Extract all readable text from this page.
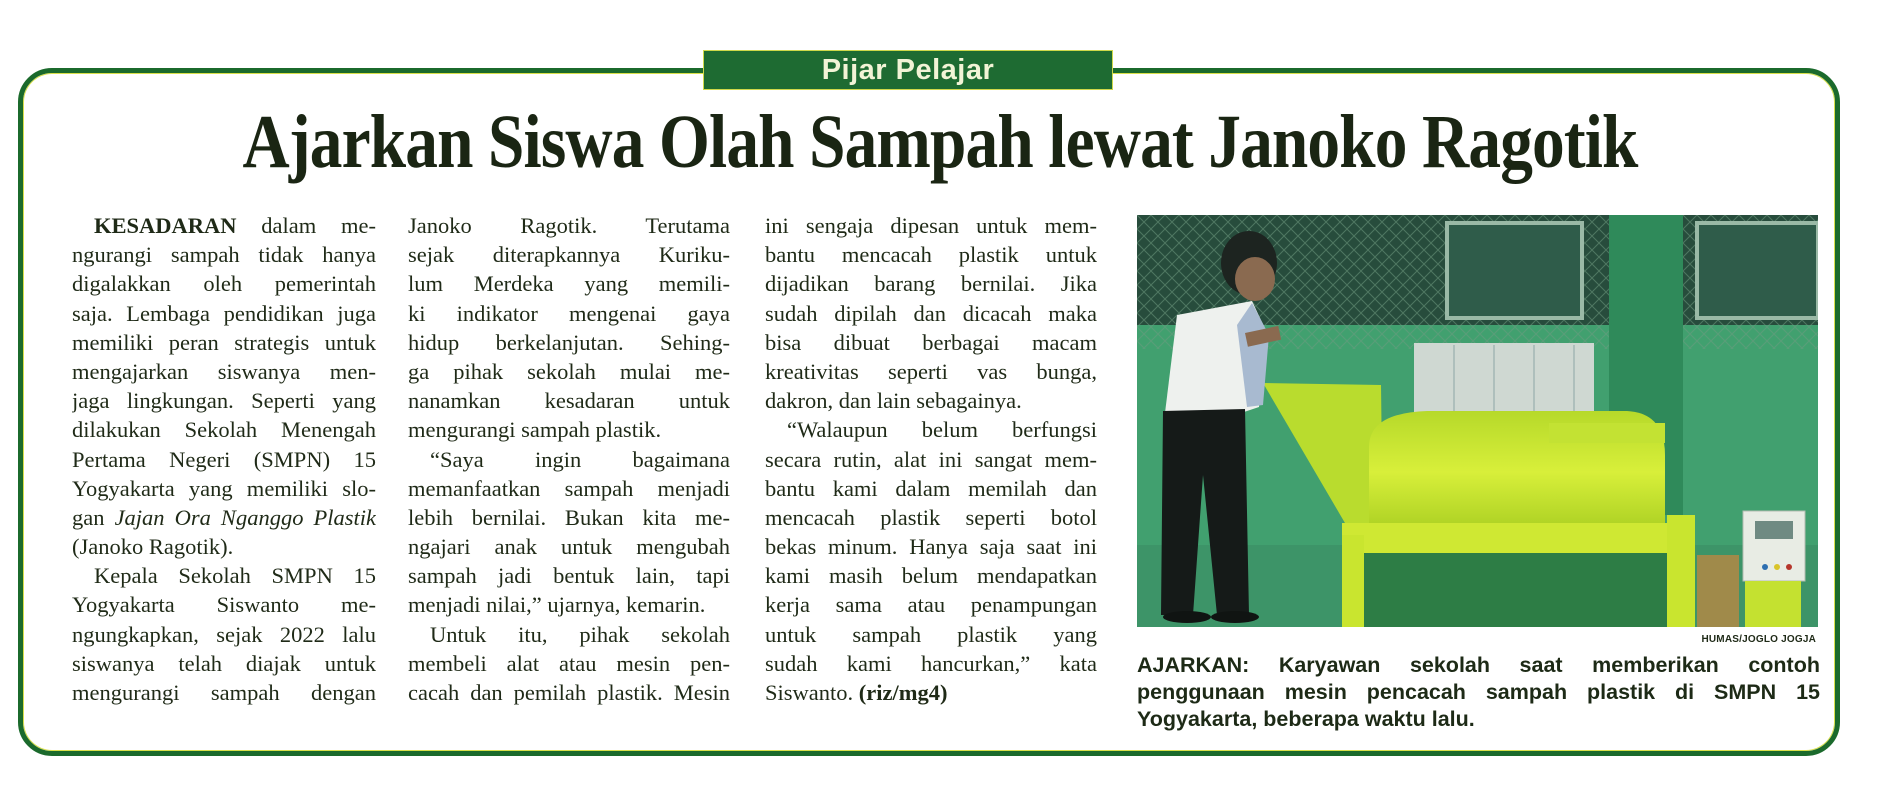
Pijar Pelajar
Ajarkan Siswa Olah Sampah lewat Janoko Ragotik
KESADARAN dalam me-
ngurangi sampah tidak hanya
digalakkan oleh pemerintah
saja. Lembaga pendidikan juga
memiliki peran strategis untuk
mengajarkan siswanya men-
jaga lingkungan. Seperti yang
dilakukan Sekolah Menengah
Pertama Negeri (SMPN) 15
Yogyakarta yang memiliki slo-
gan Jajan Ora Nganggo Plastik
(Janoko Ragotik).
Kepala Sekolah SMPN 15
Yogyakarta Siswanto me-
ngungkapkan, sejak 2022 lalu
siswanya telah diajak untuk
mengurangi sampah dengan
Janoko Ragotik. Terutama
sejak diterapkannya Kuriku-
lum Merdeka yang memili-
ki indikator mengenai gaya
hidup berkelanjutan. Sehing-
ga pihak sekolah mulai me-
nanamkan kesadaran untuk
mengurangi sampah plastik.
“Saya ingin bagaimana
memanfaatkan sampah menjadi
lebih bernilai. Bukan kita me-
ngajari anak untuk mengubah
sampah jadi bentuk lain, tapi
menjadi nilai,” ujarnya, kemarin.
Untuk itu, pihak sekolah
membeli alat atau mesin pen-
cacah dan pemilah plastik. Mesin
ini sengaja dipesan untuk mem-
bantu mencacah plastik untuk
dijadikan barang bernilai. Jika
sudah dipilah dan dicacah maka
bisa dibuat berbagai macam
kreativitas seperti vas bunga,
dakron, dan lain sebagainya.
“Walaupun belum berfungsi
secara rutin, alat ini sangat mem-
bantu kami dalam memilah dan
mencacah plastik seperti botol
bekas minum. Hanya saja saat ini
kami masih belum mendapatkan
kerja sama atau penampungan
untuk sampah plastik yang
sudah kami hancurkan,” kata
Siswanto. (riz/mg4)
HUMAS/JOGLO JOGJA
AJARKAN: Karyawan sekolah saat memberikan contoh
penggunaan mesin pencacah sampah plastik di SMPN 15
Yogyakarta, beberapa waktu lalu.
